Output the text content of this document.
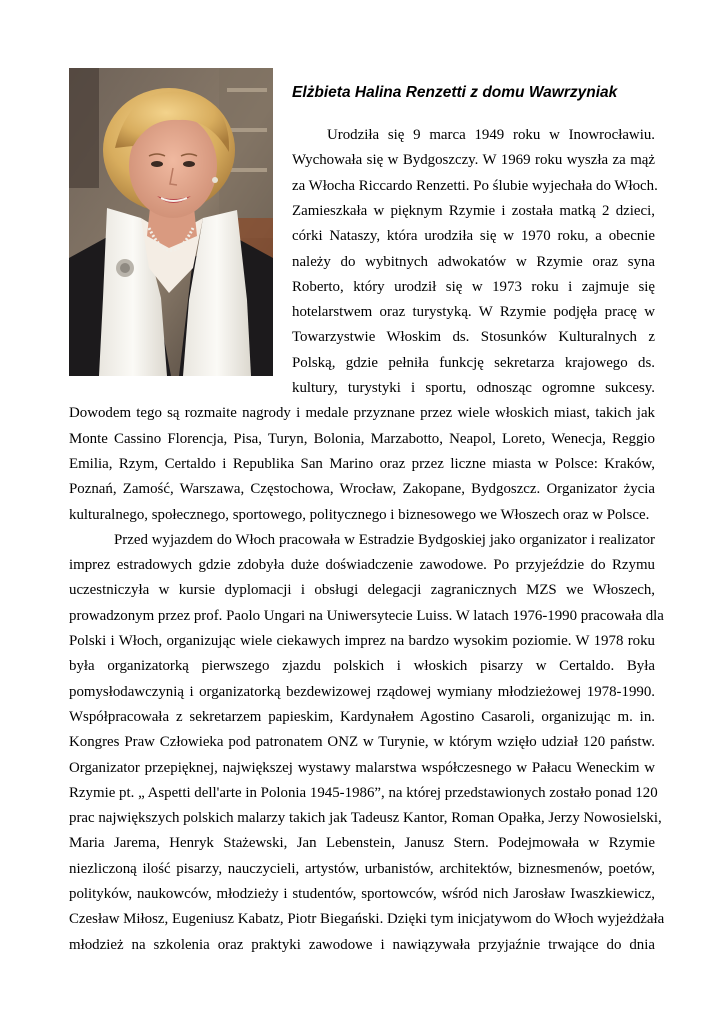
Elżbieta Halina Renzetti z domu Wawrzyniak
Urodziła się 9 marca 1949 roku w Inowrocławiu.
Wychowała się w Bydgoszczy. W 1969 roku wyszła za mąż
za Włocha Riccardo Renzetti. Po ślubie wyjechała do Włoch.
Zamieszkała w pięknym Rzymie i została matką 2 dzieci,
córki Nataszy, która urodziła się w 1970 roku, a obecnie
należy do wybitnych adwokatów w Rzymie oraz syna
Roberto, który urodził się w 1973 roku i zajmuje się
hotelarstwem oraz turystyką. W Rzymie podjęła pracę w
Towarzystwie Włoskim ds. Stosunków Kulturalnych z
Polską, gdzie pełniła funkcję sekretarza krajowego ds.
kultury, turystyki i sportu, odnosząc ogromne sukcesy.
Dowodem tego są rozmaite nagrody i medale przyznane przez wiele włoskich miast, takich jak
Monte Cassino Florencja, Pisa, Turyn, Bolonia, Marzabotto, Neapol, Loreto, Wenecja, Reggio
Emilia, Rzym, Certaldo i Republika San Marino oraz przez liczne miasta w Polsce: Kraków,
Poznań, Zamość, Warszawa, Częstochowa, Wrocław, Zakopane, Bydgoszcz. Organizator życia
kulturalnego, społecznego, sportowego, politycznego i biznesowego we Włoszech oraz w Polsce.
Przed wyjazdem do Włoch pracowała w Estradzie Bydgoskiej jako organizator i realizator
imprez estradowych gdzie zdobyła duże doświadczenie zawodowe. Po przyjeździe do Rzymu
uczestniczyła w kursie dyplomacji i obsługi delegacji zagranicznych MZS we Włoszech,
prowadzonym przez prof. Paolo Ungari na Uniwersytecie Luiss. W latach 1976-1990 pracowała dla
Polski i Włoch, organizując wiele ciekawych imprez na bardzo wysokim poziomie. W 1978 roku
była organizatorką pierwszego zjazdu polskich i włoskich pisarzy w Certaldo. Była
pomysłodawczynią i organizatorką bezdewizowej rządowej wymiany młodzieżowej 1978-1990.
Współpracowała z sekretarzem papieskim, Kardynałem Agostino Casaroli, organizując m. in.
Kongres Praw Człowieka pod patronatem ONZ w Turynie, w którym wzięło udział 120 państw.
Organizator przepięknej, największej wystawy malarstwa współczesnego w Pałacu Weneckim w
Rzymie pt. „ Aspetti dell'arte in Polonia 1945-1986”, na której przedstawionych zostało ponad 120
prac największych polskich malarzy takich jak Tadeusz Kantor, Roman Opałka, Jerzy Nowosielski,
Maria Jarema, Henryk Stażewski, Jan Lebenstein, Janusz Stern. Podejmowała w Rzymie
niezliczoną ilość pisarzy, nauczycieli, artystów, urbanistów, architektów, biznesmenów, poetów,
polityków, naukowców, młodzieży i studentów, sportowców, wśród nich Jarosław Iwaszkiewicz,
Czesław Miłosz, Eugeniusz Kabatz, Piotr Biegański. Dzięki tym inicjatywom do Włoch wyjeżdżała
młodzież na szkolenia oraz praktyki zawodowe i nawiązywała przyjaźnie trwające do dnia
